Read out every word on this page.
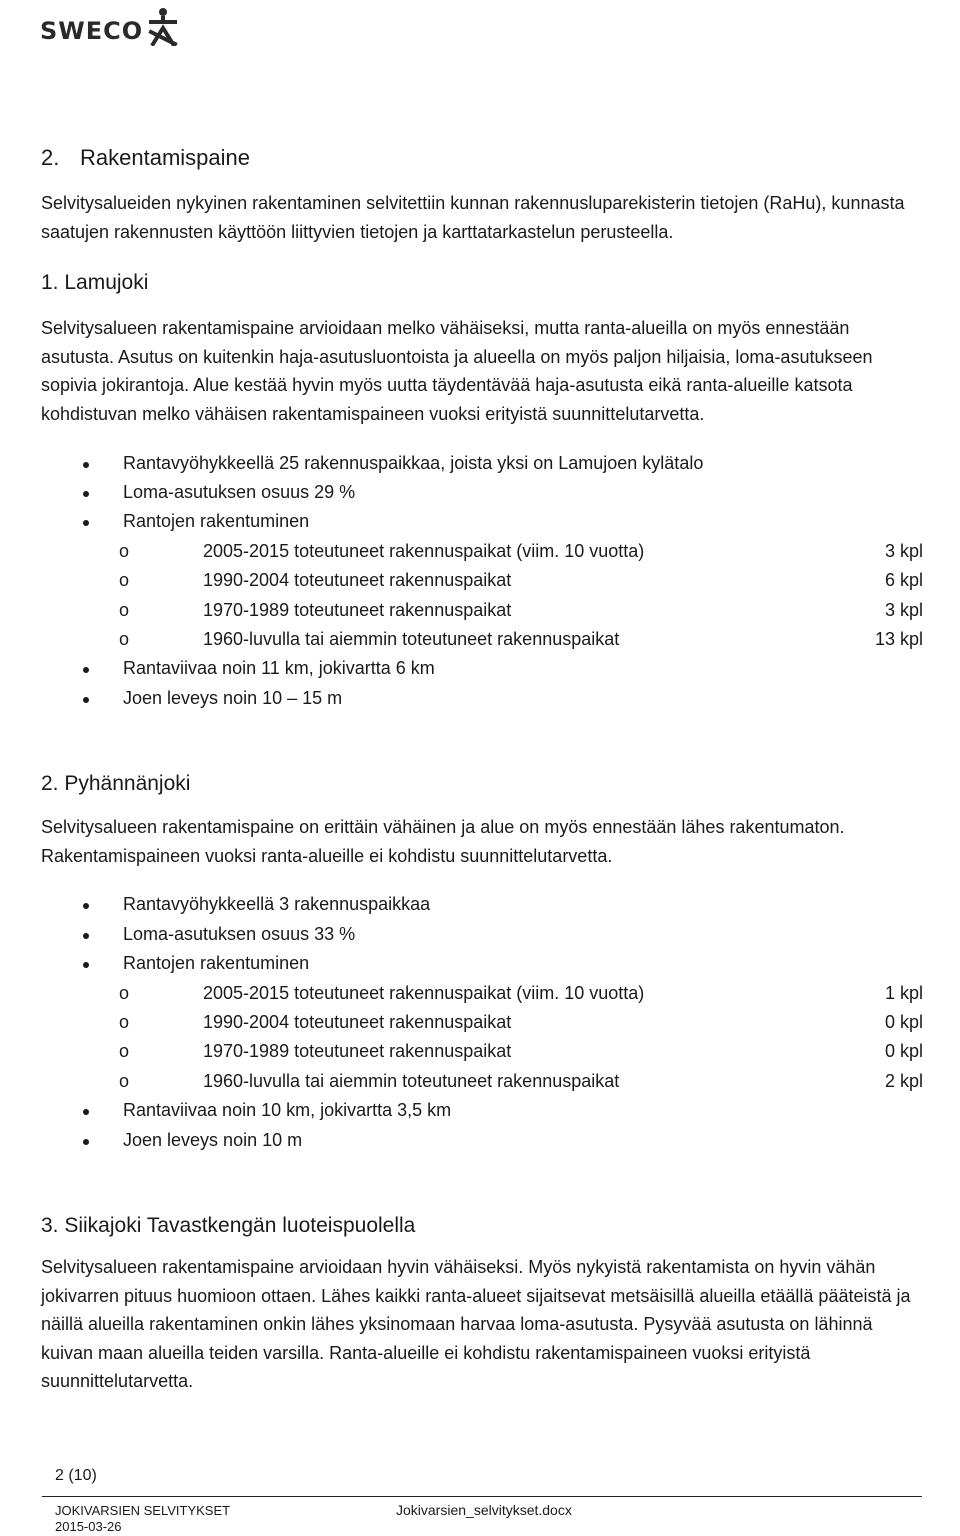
SWECO
2. Rakentamispaine

Selvitysalueiden nykyinen rakentaminen selvitettiin kunnan rakennusluparekisterin tietojen (RaHu), kunnasta saatujen rakennusten käyttöön liittyvien tietojen ja karttatarkastelun perusteella.

1. Lamujoki

Selvitysalueen rakentamispaine arvioidaan melko vähäiseksi, mutta ranta-alueilla on myös ennestään asutusta. Asutus on kuitenkin haja-asutusluontoista ja alueella on myös paljon hiljaisia, loma-asutukseen sopivia jokirantoja. Alue kestää hyvin myös uutta täydentävää haja-asutusta eikä ranta-alueille katsota kohdistuvan melko vähäisen rakentamispaineen vuoksi erityistä suunnittelutarvetta.

Rantavyöhykkeellä 25 rakennuspaikkaa, joista yksi on Lamujoen kylätalo
Loma-asutuksen osuus 29 %
Rantojen rakentuminen
o	2005-2015 toteutuneet rakennuspaikat (viim. 10 vuotta)	3 kpl
o	1990-2004 toteutuneet rakennuspaikat	6 kpl
o	1970-1989 toteutuneet rakennuspaikat	3 kpl
o	1960-luvulla tai aiemmin toteutuneet rakennuspaikat	13 kpl
Rantaviivaa noin 11 km, jokivartta 6 km
Joen leveys noin 10 – 15 m
2. Pyhännänjoki

Selvitysalueen rakentamispaine on erittäin vähäinen ja alue on myös ennestään lähes rakentumaton. Rakentamispaineen vuoksi ranta-alueille ei kohdistu suunnittelutarvetta.

Rantavyöhykkeellä 3 rakennuspaikkaa
Loma-asutuksen osuus 33 %
Rantojen rakentuminen
o	2005-2015 toteutuneet rakennuspaikat (viim. 10 vuotta)	1 kpl
o	1990-2004 toteutuneet rakennuspaikat	0 kpl
o	1970-1989 toteutuneet rakennuspaikat	0 kpl
o	1960-luvulla tai aiemmin toteutuneet rakennuspaikat	2 kpl
Rantaviivaa noin 10 km, jokivartta 3,5 km
Joen leveys noin 10 m
3. Siikajoki Tavastkengän luoteispuolella

Selvitysalueen rakentamispaine arvioidaan hyvin vähäiseksi. Myös nykyistä rakentamista on hyvin vähän jokivarren pituus huomioon ottaen. Lähes kaikki ranta-alueet sijaitsevat metsäisillä alueilla etäällä pääteistä ja näillä alueilla rakentaminen onkin lähes yksinomaan harvaa loma-asutusta. Pysyvää asutusta on lähinnä kuivan maan alueilla teiden varsilla. Ranta-alueille ei kohdistu rakentamispaineen vuoksi erityistä suunnittelutarvetta.

2 (10)
JOKIVARSIEN SELVITYKSET
2015-03-26
Jokivarsien_selvitykset.docx
